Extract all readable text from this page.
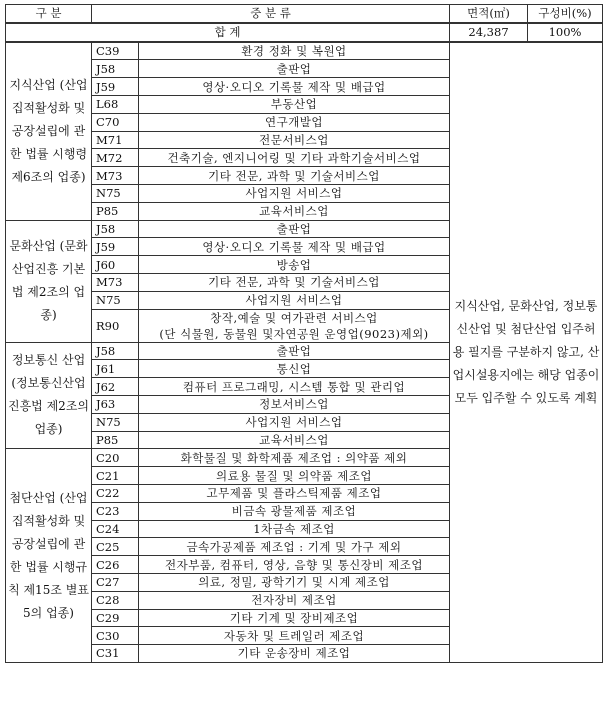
구 분	중 분 류		면적(㎡)	구성비(%)
합 계			24,387	100%
지식산업 (산업집적활성화 및 공장설립에 관한 법률 시행령 제6조의 업종)	C39	환경 정화 및 복원업	지식산업, 문화산업, 정보통신산업 및 첨단산업 입주허용 필지를 구분하지 않고, 산업시설용지에는 해당 업종이 모두 입주할 수 있도록 계획	
	J58	출판업		
	J59	영상·오디오 기록물 제작 및 배급업		
	L68	부동산업		
	C70	연구개발업		
	M71	전문서비스업		
	M72	건축기술, 엔지니어링 및 기타 과학기술서비스업		
	M73	기타 전문, 과학 및 기술서비스업		
	N75	사업지원 서비스업		
	P85	교육서비스업		
문화산업 (문화산업진흥 기본법 제2조의 업종)	J58	출판업		
	J59	영상·오디오 기록물 제작 및 배급업		
	J60	방송업		
	M73	기타 전문, 과학 및 기술서비스업		
	N75	사업지원 서비스업		
	R90	창작,예술 및 여가관련 서비스업
(단 식물원, 동물원 및자연공원 운영업(9023)제외)		

정보통신 산업 (정보통신산업진흥법 제2조의 업종)	J58	출판업		
	J61	통신업		
	J62	컴퓨터 프로그래밍, 시스템 통합 및 관리업		
	J63	정보서비스업		
	N75	사업지원 서비스업		
	P85	교육서비스업		
첨단산업 (산업집적활성화 및 공장설립에 관한 법률 시행규칙 제15조 별표5의 업종)	C20	화학물질 및 화학제품 제조업 : 의약품 제외		
	C21	의료용 물질 및 의약품 제조업		
	C22	고무제품 및 플라스틱제품 제조업		
	C23	비금속 광물제품 제조업		
	C24	1차금속 제조업		
	C25	금속가공제품 제조업 : 기계 및 가구 제외		
	C26	전자부품, 컴퓨터, 영상, 음향 및 통신장비 제조업		
	C27	의료, 정밀, 광학기기 및 시계 제조업		
	C28	전자장비 제조업		
	C29	기타 기계 및 장비제조업		
	C30	자동차 및 트레일러 제조업		
	C31	기타 운송장비 제조업		
